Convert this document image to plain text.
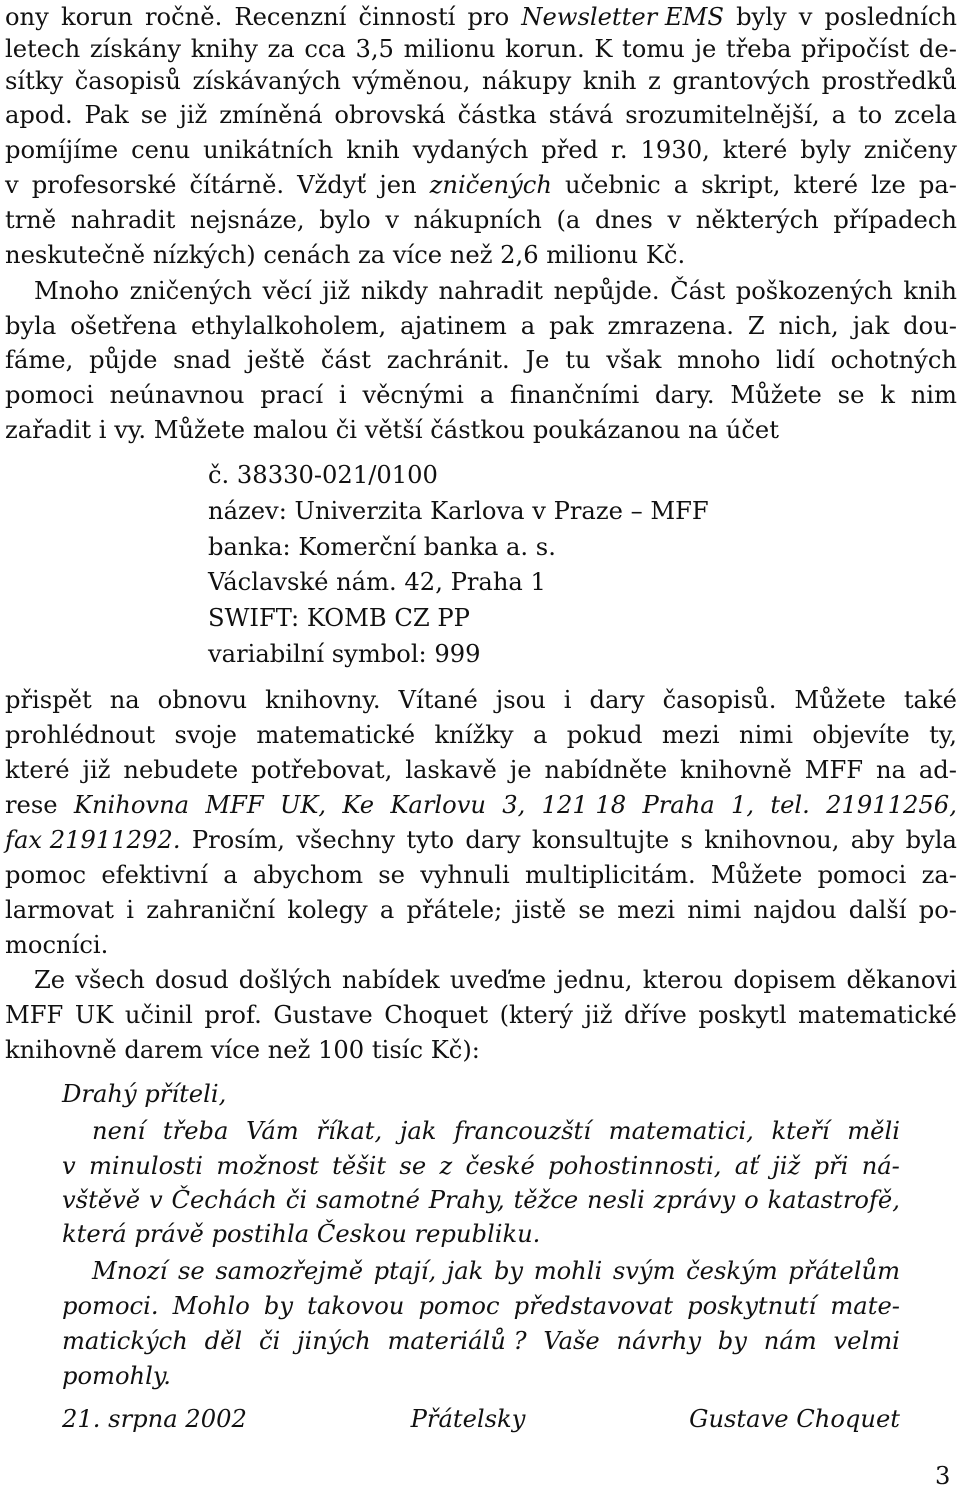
ony korun ročně. Recenzní činností pro Newsletter EMS byly v posledních
letech získány knihy za cca 3,5 milionu korun. K tomu je třeba připočíst de-
sítky časopisů získávaných výměnou, nákupy knih z grantových prostředků
apod. Pak se již zmíněná obrovská částka stává srozumitelnější, a to zcela
pomíjíme cenu unikátních knih vydaných před r. 1930, které byly zničeny
v profesorské čítárně. Vždyť jen zničených učebnic a skript, které lze pa-
trně nahradit nejsnáze, bylo v nákupních (a dnes v některých případech
neskutečně nízkých) cenách za více než 2,6 milionu Kč.
Mnoho zničených věcí již nikdy nahradit nepůjde. Část poškozených knih
byla ošetřena ethylalkoholem, ajatinem a pak zmrazena. Z nich, jak dou-
fáme, půjde snad ještě část zachránit. Je tu však mnoho lidí ochotných
pomoci neúnavnou prací i věcnými a finančními dary. Můžete se k nim
zařadit i vy. Můžete malou či větší částkou poukázanou na účet
č. 38330-021/0100
název: Univerzita Karlova v Praze – MFF
banka: Komerční banka a. s.
Václavské nám. 42, Praha 1
SWIFT: KOMB CZ PP
variabilní symbol: 999
přispět na obnovu knihovny. Vítané jsou i dary časopisů. Můžete také
prohlédnout svoje matematické knížky a pokud mezi nimi objevíte ty,
které již nebudete potřebovat, laskavě je nabídněte knihovně MFF na ad-
rese Knihovna MFF UK, Ke Karlovu 3, 121 18 Praha 1, tel. 21911256,
fax 21911292. Prosím, všechny tyto dary konsultujte s knihovnou, aby byla
pomoc efektivní a abychom se vyhnuli multiplicitám. Můžete pomoci za-
larmovat i zahraniční kolegy a přátele; jistě se mezi nimi najdou další po-
mocníci.
Ze všech dosud došlých nabídek uveďme jednu, kterou dopisem děkanovi
MFF UK učinil prof. Gustave Choquet (který již dříve poskytl matematické
knihovně darem více než 100 tisíc Kč):
Drahý příteli,
není třeba Vám říkat, jak francouzští matematici, kteří měli
v minulosti možnost těšit se z české pohostinnosti, ať již při ná-
vštěvě v Čechách či samotné Prahy, těžce nesli zprávy o katastrofě,
která právě postihla Českou republiku.
Mnozí se samozřejmě ptají, jak by mohli svým českým přátelům
pomoci. Mohlo by takovou pomoc představovat poskytnutí mate-
matických děl či jiných materiálů ? Vaše návrhy by nám velmi
pomohly.
21. srpna 2002	Přátelsky	Gustave Choquet
3
